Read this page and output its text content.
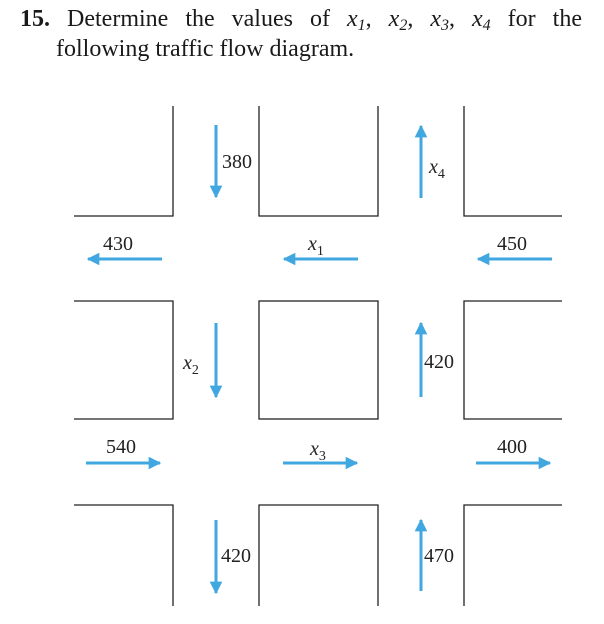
15. Determine the values of $x_1$, $x_2$, $x_3$, $x_4$ for the
following traffic flow diagram.
380	$x_4$
430	$x_1$	450
$x_2$	420
540	$x_3$	400
420	470
